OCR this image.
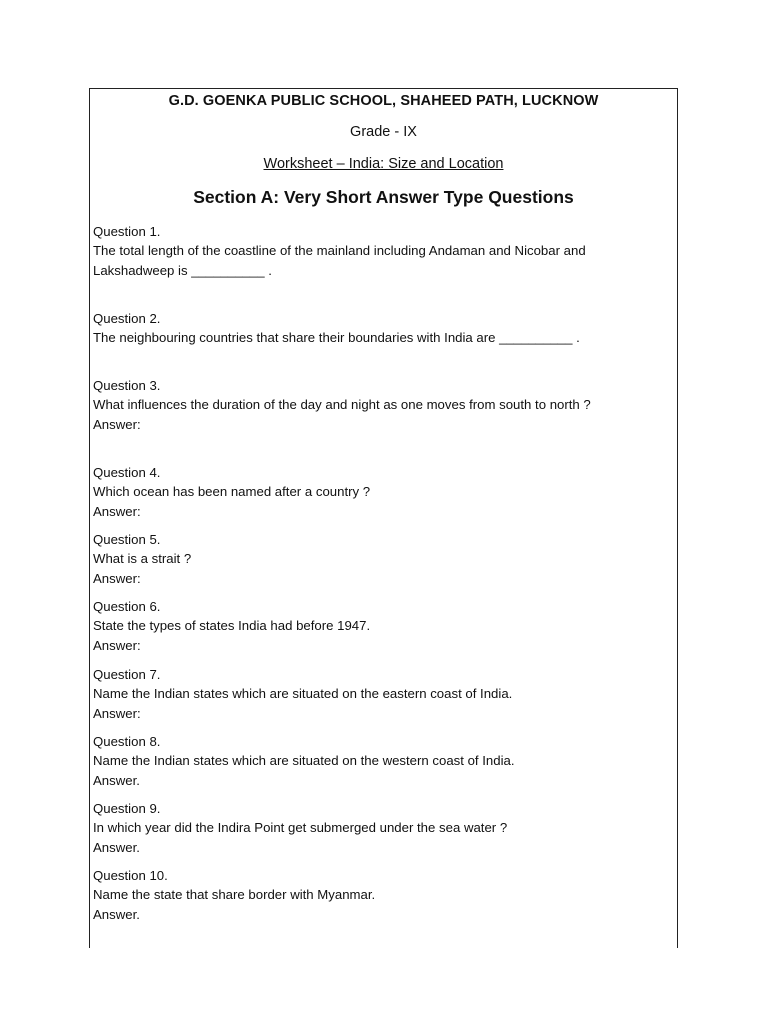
G.D. GOENKA PUBLIC SCHOOL, SHAHEED PATH, LUCKNOW
Grade - IX
Worksheet – India: Size and Location
Section A: Very Short Answer Type Questions
Question 1.
The total length of the coastline of the mainland including Andaman and Nicobar and
Lakshadweep is __________ .
Question 2.
The neighbouring countries that share their boundaries with India are __________ .
Question 3.
What influences the duration of the day and night as one moves from south to north ?
Answer:
Question 4.
Which ocean has been named after a country ?
Answer:
Question 5.
What is a strait ?
Answer:
Question 6.
State the types of states India had before 1947.
Answer:
Question 7.
Name the Indian states which are situated on the eastern coast of India.
Answer:
Question 8.
Name the Indian states which are situated on the western coast of India.
Answer.
Question 9.
In which year did the Indira Point get submerged under the sea water ?
Answer.
Question 10.
Name the state that share border with Myanmar.
Answer.
